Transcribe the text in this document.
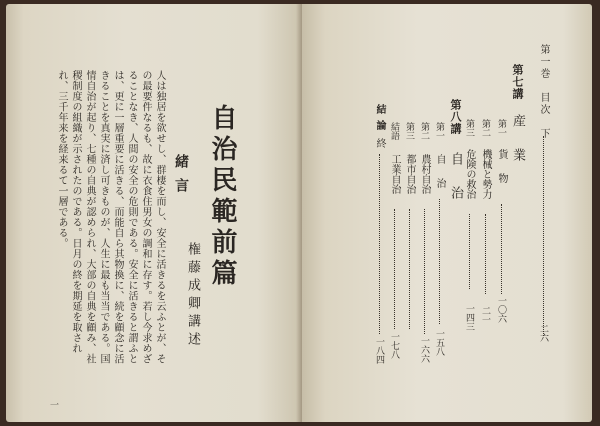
自治民範前篇
緒言
権藤成卿講述
人は独居を欲せし、群棲を而し、安全に活きるを云ふとが、その最要件なるも、故に衣食住男女の調和に存す。若し今求めざることなき、人間の安全の危則である。安全に活きると謂ふとは、更に一層重要に活きる、而能自ら其物換に、続を顧念に活きることを真実に済し可きものが、人生に最も当当である。国情自治が起り、七種の自典が認められ、大部の自典を顧み、社稷制度の組織が示されたのである。日月の終を期延を取されれ、三千年来を経来るて一層である。
一
第一巻　目次　下
二六
第七講
産　業
第一
貨　物
一〇六
第二
機械と勢力
二一
第三
危険の救治
一四三
第八講
自　治
第一
自　治
一五八
第二
農村自治
一六六
第三
都市自治
結語
工業自治
一七八
結論
終
一八四
